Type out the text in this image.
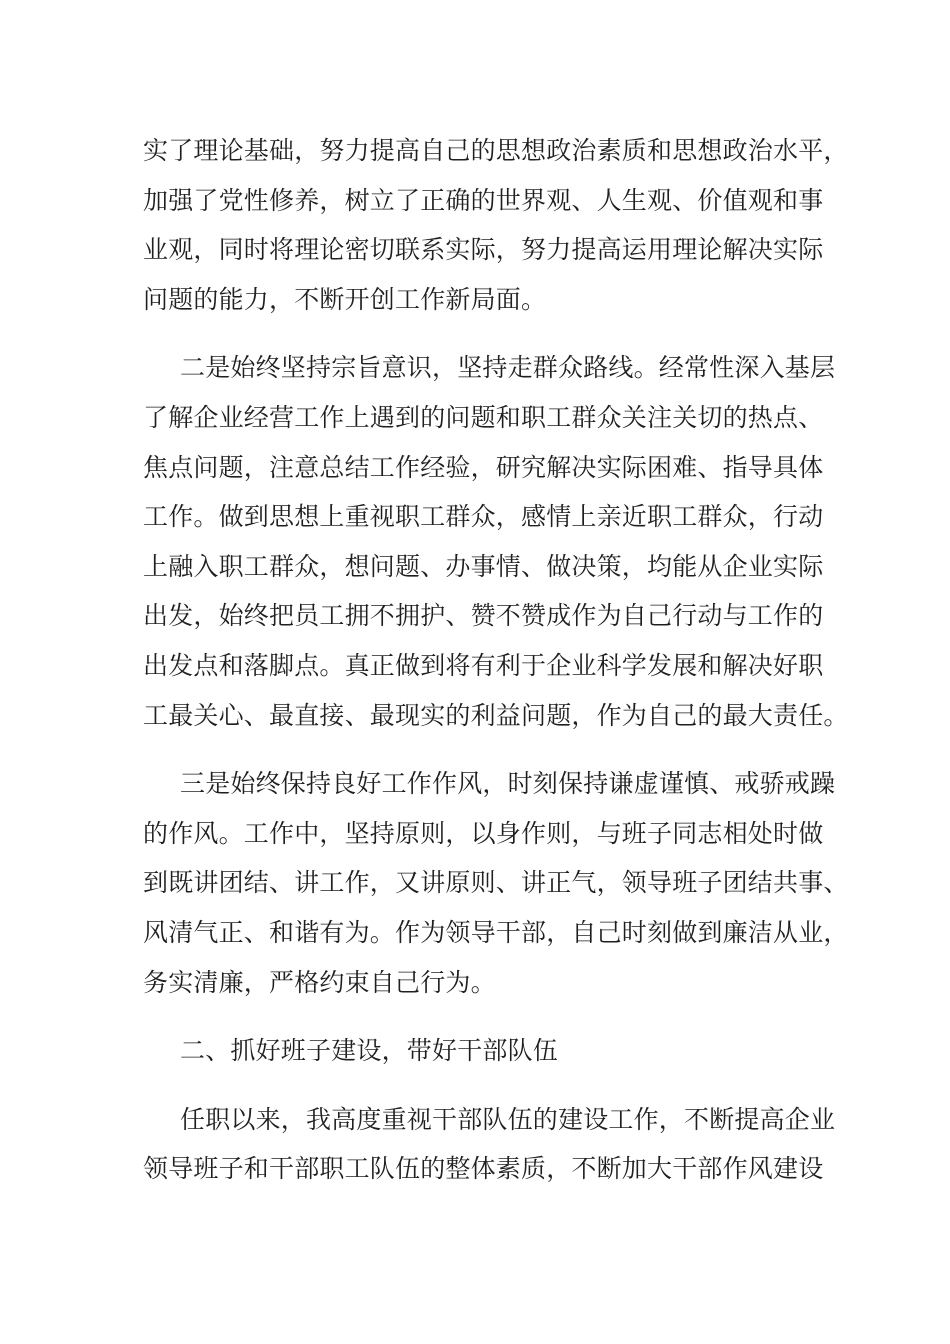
实了理论基础，努力提高自己的思想政治素质和思想政治水平，
加强了党性修养，树立了正确的世界观、人生观、价值观和事
业观，同时将理论密切联系实际，努力提高运用理论解决实际
问题的能力，不断开创工作新局面。

二是始终坚持宗旨意识，坚持走群众路线。经常性深入基层
了解企业经营工作上遇到的问题和职工群众关注关切的热点、
焦点问题，注意总结工作经验，研究解决实际困难、指导具体
工作。做到思想上重视职工群众，感情上亲近职工群众，行动
上融入职工群众，想问题、办事情、做决策，均能从企业实际
出发，始终把员工拥不拥护、赞不赞成作为自己行动与工作的
出发点和落脚点。真正做到将有利于企业科学发展和解决好职
工最关心、最直接、最现实的利益问题，作为自己的最大责任。

三是始终保持良好工作作风，时刻保持谦虚谨慎、戒骄戒躁
的作风。工作中，坚持原则，以身作则，与班子同志相处时做
到既讲团结、讲工作，又讲原则、讲正气，领导班子团结共事、
风清气正、和谐有为。作为领导干部，自己时刻做到廉洁从业，
务实清廉，严格约束自己行为。

二、抓好班子建设，带好干部队伍

任职以来，我高度重视干部队伍的建设工作，不断提高企业
领导班子和干部职工队伍的整体素质，不断加大干部作风建设
